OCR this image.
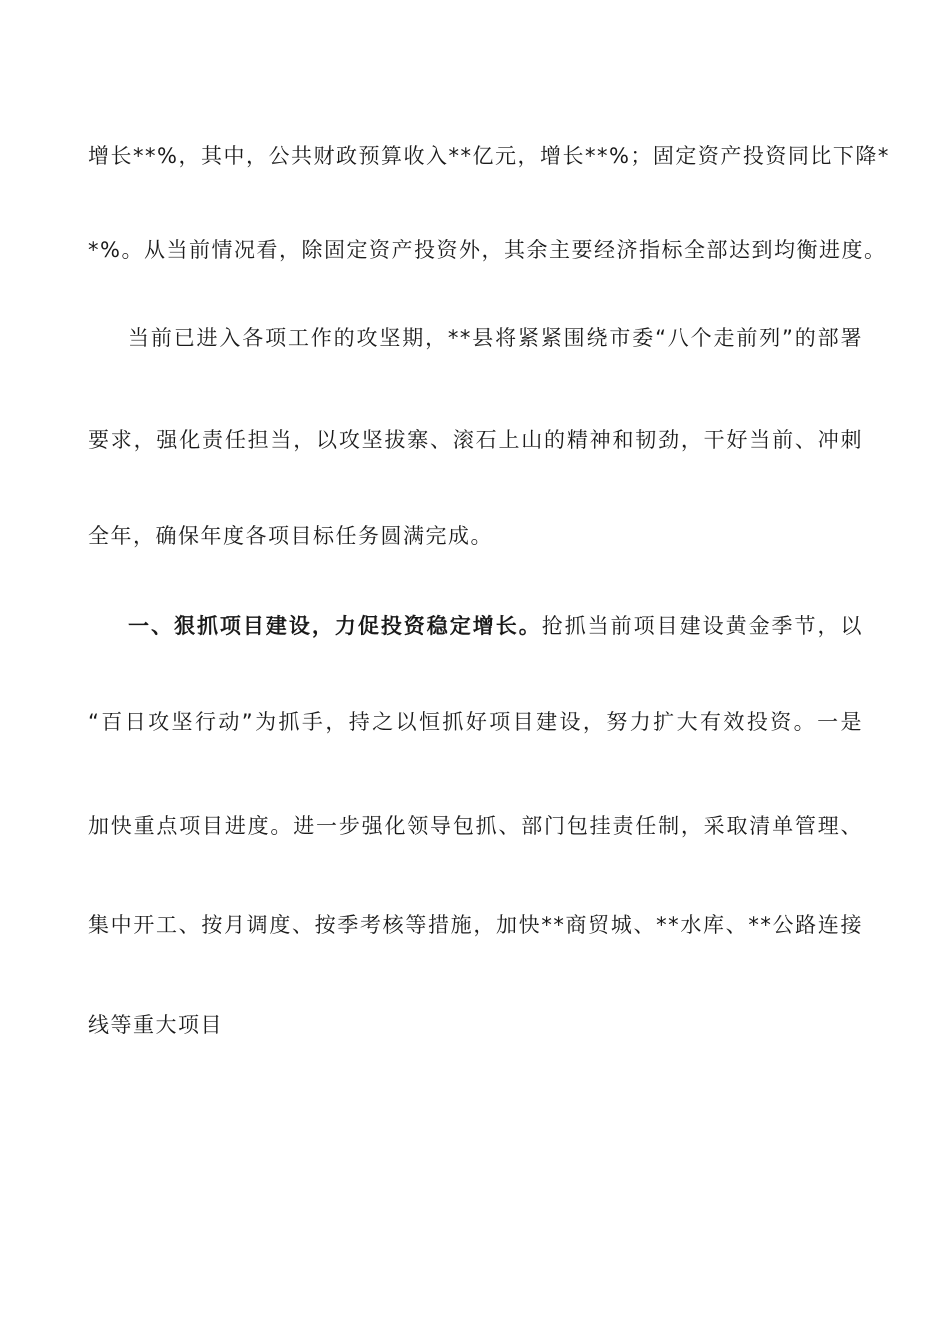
增长**%，其中，公共财政预算收入**亿元，增长**%；固定资产投资同比下降*
*%。从当前情况看，除固定资产投资外，其余主要经济指标全部达到均衡进度。
当前已进入各项工作的攻坚期，**县将紧紧围绕市委“八个走前列”的部署
要求，强化责任担当，以攻坚拔寨、滚石上山的精神和韧劲，干好当前、冲刺
全年，确保年度各项目标任务圆满完成。
一、狠抓项目建设，力促投资稳定增长。抢抓当前项目建设黄金季节，以
“百日攻坚行动”为抓手，持之以恒抓好项目建设，努力扩大有效投资。一是
加快重点项目进度。进一步强化领导包抓、部门包挂责任制，采取清单管理、
集中开工、按月调度、按季考核等措施，加快**商贸城、**水库、**公路连接
线等重大项目
